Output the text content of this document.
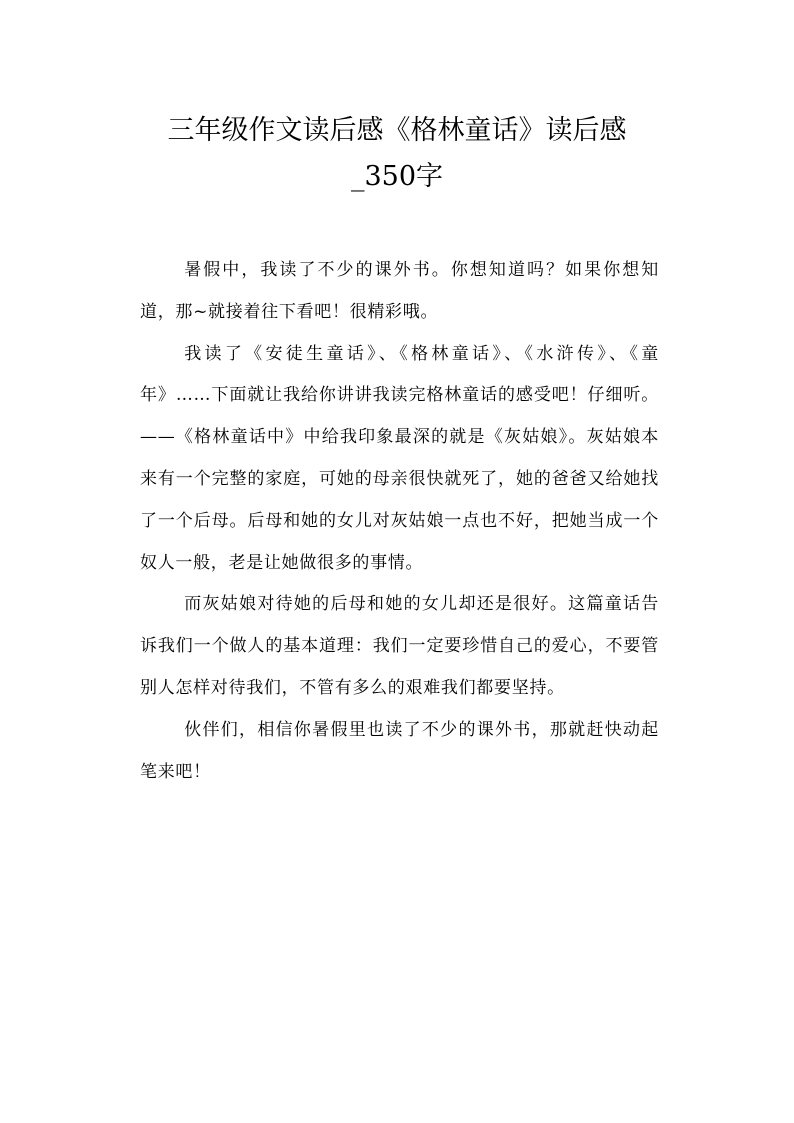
三年级作文读后感《格林童话》读后感_350字

暑假中，我读了不少的课外书。你想知道吗？如果你想知道，那~就接着往下看吧！很精彩哦。

我读了《安徒生童话》、《格林童话》、《水浒传》、《童年》……下面就让我给你讲讲我读完格林童话的感受吧！仔细听。——《格林童话中》中给我印象最深的就是《灰姑娘》。灰姑娘本来有一个完整的家庭，可她的母亲很快就死了，她的爸爸又给她找了一个后母。后母和她的女儿对灰姑娘一点也不好，把她当成一个奴人一般，老是让她做很多的事情。

而灰姑娘对待她的后母和她的女儿却还是很好。这篇童话告诉我们一个做人的基本道理：我们一定要珍惜自己的爱心，不要管别人怎样对待我们，不管有多么的艰难我们都要坚持。

伙伴们，相信你暑假里也读了不少的课外书，那就赶快动起笔来吧！
